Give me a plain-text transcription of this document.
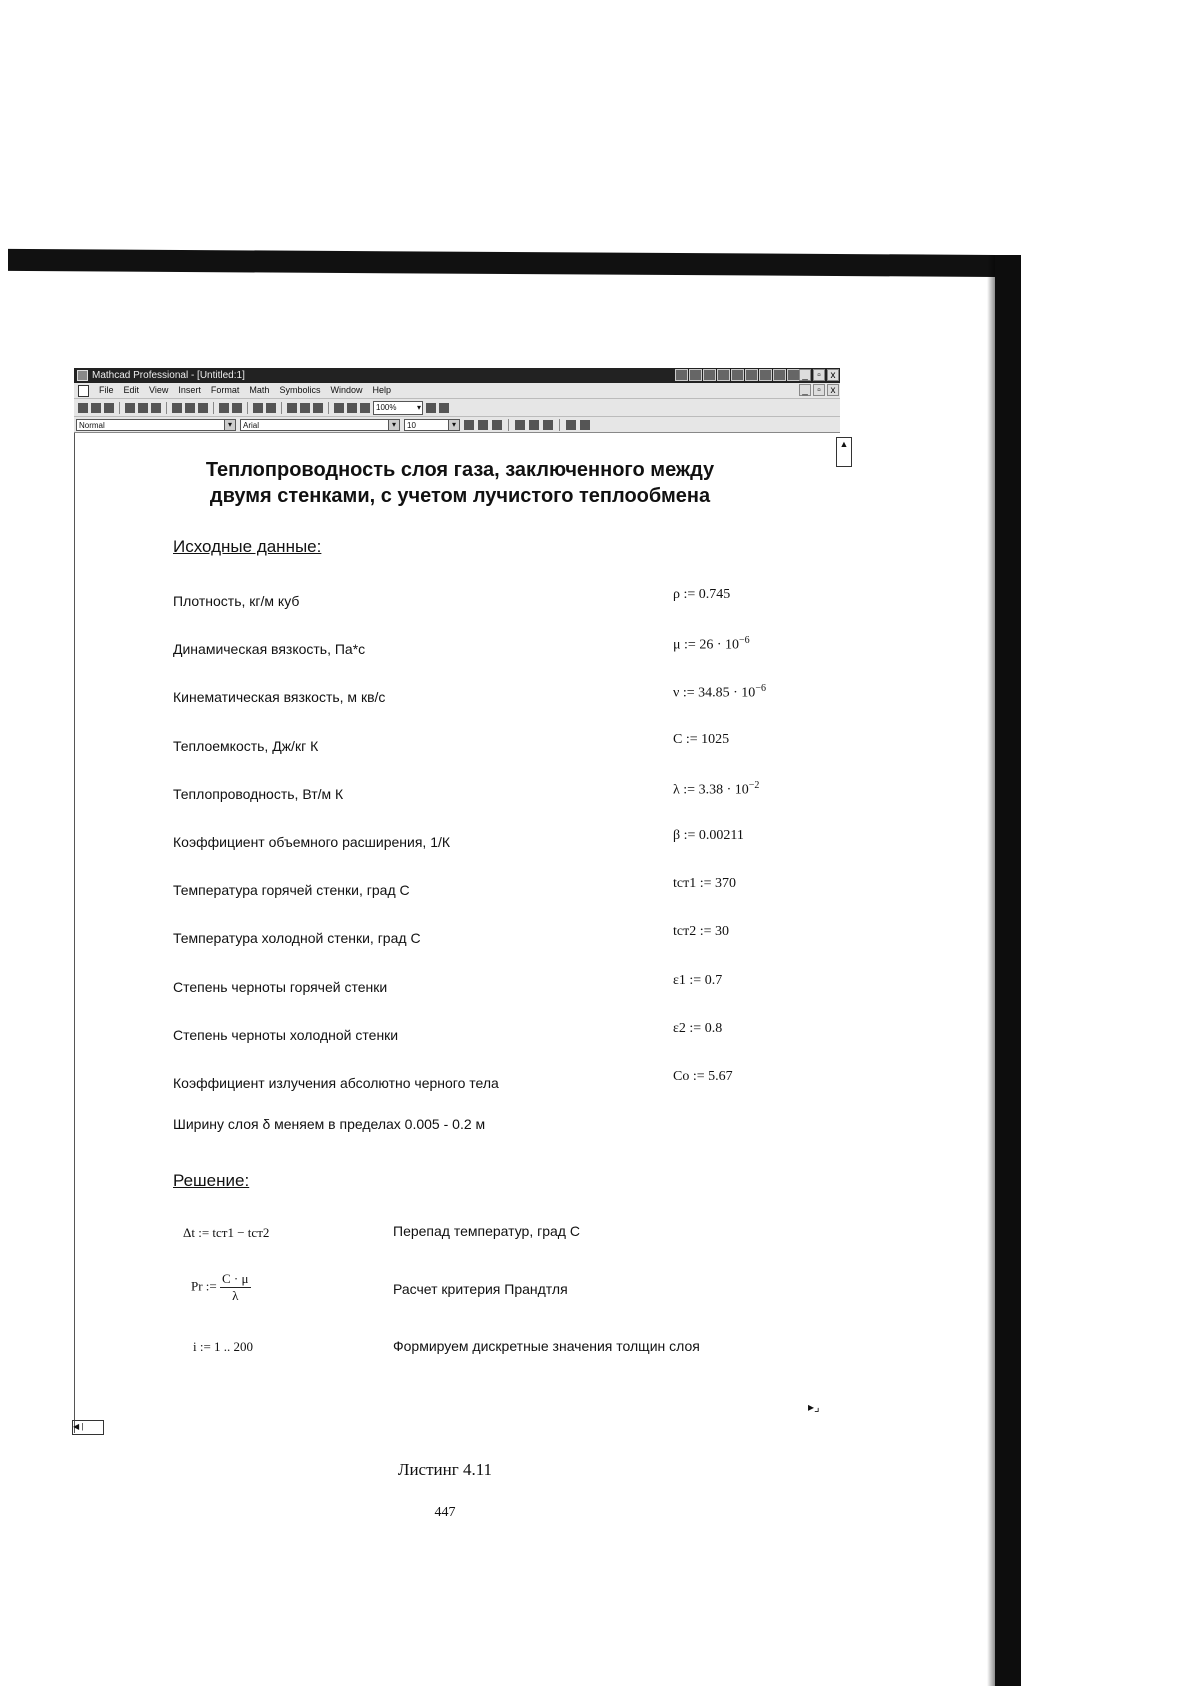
Mathcad Professional - [Untitled:1]	_ ▫ x
File Edit View Insert Format Math Symbolics Window Help	_ ▫ x
100% ▾
Normal	▾	Arial	▾	10	▾
▲
Теплопроводность слоя газа, заключенного между
двумя стенками, с учетом лучистого теплообмена
Исходные данные:
Плотность, кг/м куб	ρ := 0.745
Динамическая вязкость, Па*с	μ := $26 \cdot 10^{-6}$
Кинематическая вязкость, м кв/с	ν := $34.85 \cdot 10^{-6}$
Теплоемкость, Дж/кг К	C := 1025
Теплопроводность, Вт/м К	λ := $3.38 \cdot 10^{-2}$
Коэффициент объемного расширения, 1/К	β := 0.00211
Температура горячей стенки, град С	tст1 := 370
Температура холодной стенки, град С	tст2 := 30
Степень черноты горячей стенки	ε1 := 0.7
Степень черноты холодной стенки	ε2 := 0.8
Коэффициент излучения абсолютно черного тела	Co := 5.67
Ширину слоя δ меняем в пределах 0.005 - 0.2 м
Решение:
Δt := tст1 − tст2	Перепад температур, град С
Pr := $\frac{C \cdot \mu}{\lambda}$	Расчет критерия Прандтля
i := 1 .. 200	Формируем дискретные значения толщин слоя
◀ |
▸⌟
Листинг 4.11
447
